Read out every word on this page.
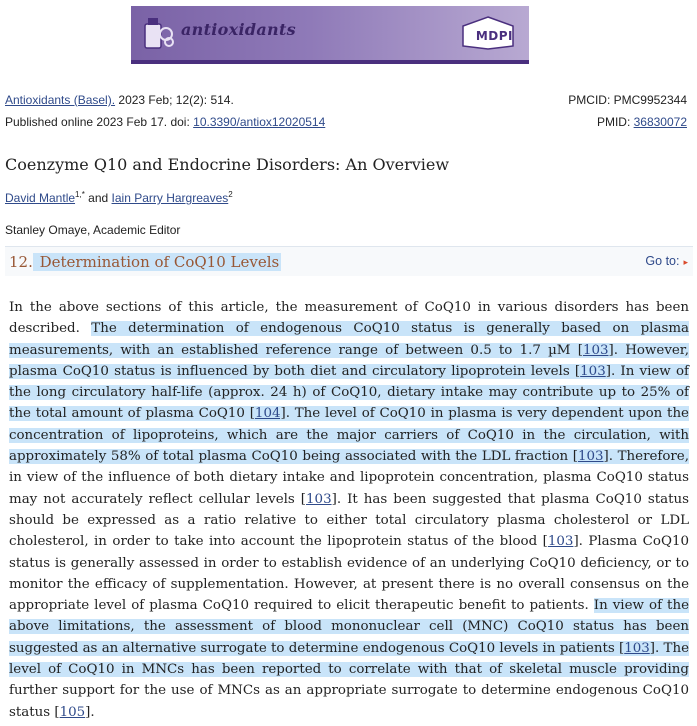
antioxidants	MDPI
Antioxidants (Basel). 2023 Feb; 12(2): 514.	PMCID: PMC9952344
Published online 2023 Feb 17. doi: 10.3390/antiox12020514	PMID: 36830072
Coenzyme Q10 and Endocrine Disorders: An Overview
David Mantle$^{1,*}$ and Iain Parry Hargreaves$^2$
Stanley Omaye, Academic Editor
12. Determination of CoQ10 Levels	Go to: ▸

In the above sections of this article, the measurement of CoQ10 in various disorders has been described. The determination of endogenous CoQ10 status is generally based on plasma measurements, with an established reference range of between 0.5 to 1.7 µM [103]. However, plasma CoQ10 status is influenced by both diet and circulatory lipoprotein levels [103]. In view of the long circulatory half-life (approx. 24 h) of CoQ10, dietary intake may contribute up to 25% of the total amount of plasma CoQ10 [104]. The level of CoQ10 in plasma is very dependent upon the concentration of lipoproteins, which are the major carriers of CoQ10 in the circulation, with approximately 58% of total plasma CoQ10 being associated with the LDL fraction [103]. Therefore, in view of the influence of both dietary intake and lipoprotein concentration, plasma CoQ10 status may not accurately reflect cellular levels [103]. It has been suggested that plasma CoQ10 status should be expressed as a ratio relative to either total circulatory plasma cholesterol or LDL cholesterol, in order to take into account the lipoprotein status of the blood [103]. Plasma CoQ10 status is generally assessed in order to establish evidence of an underlying CoQ10 deficiency, or to monitor the efficacy of supplementation. However, at present there is no overall consensus on the appropriate level of plasma CoQ10 required to elicit therapeutic benefit to patients. In view of the above limitations, the assessment of blood mononuclear cell (MNC) CoQ10 status has been suggested as an alternative surrogate to determine endogenous CoQ10 levels in patients [103]. The level of CoQ10 in MNCs has been reported to correlate with that of skeletal muscle providing further support for the use of MNCs as an appropriate surrogate to determine endogenous CoQ10 status [105].
